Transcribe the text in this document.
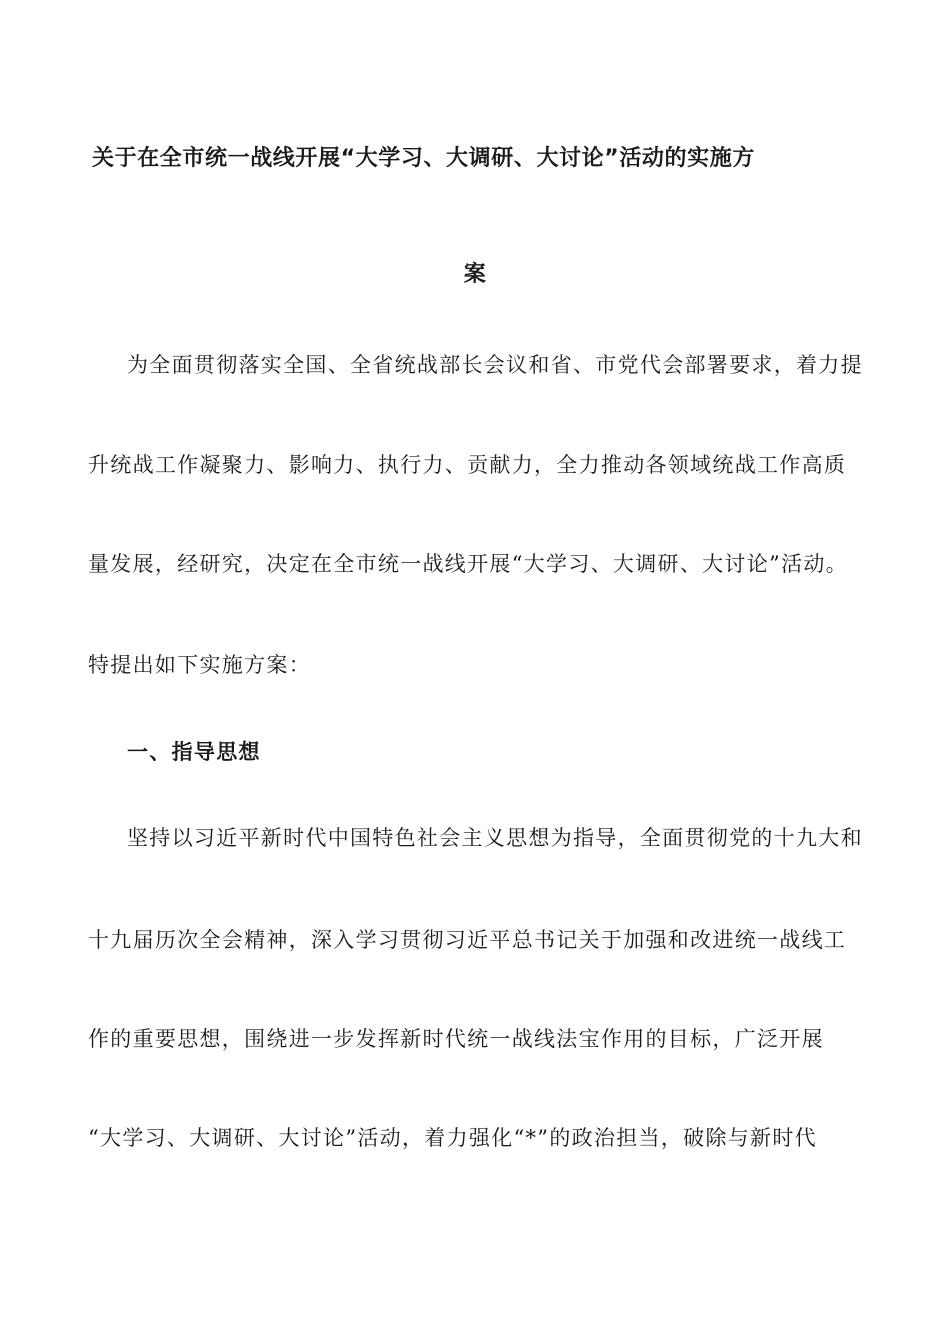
关于在全市统一战线开展“大学习、大调研、大讨论”活动的实施方
案
为全面贯彻落实全国、全省统战部长会议和省、市党代会部署要求，着力提
升统战工作凝聚力、影响力、执行力、贡献力，全力推动各领域统战工作高质
量发展，经研究，决定在全市统一战线开展“大学习、大调研、大讨论”活动。
特提出如下实施方案：
一、指导思想
坚持以习近平新时代中国特色社会主义思想为指导，全面贯彻党的十九大和
十九届历次全会精神，深入学习贯彻习近平总书记关于加强和改进统一战线工
作的重要思想，围绕进一步发挥新时代统一战线法宝作用的目标，广泛开展
“大学习、大调研、大讨论”活动，着力强化“*”的政治担当，破除与新时代
